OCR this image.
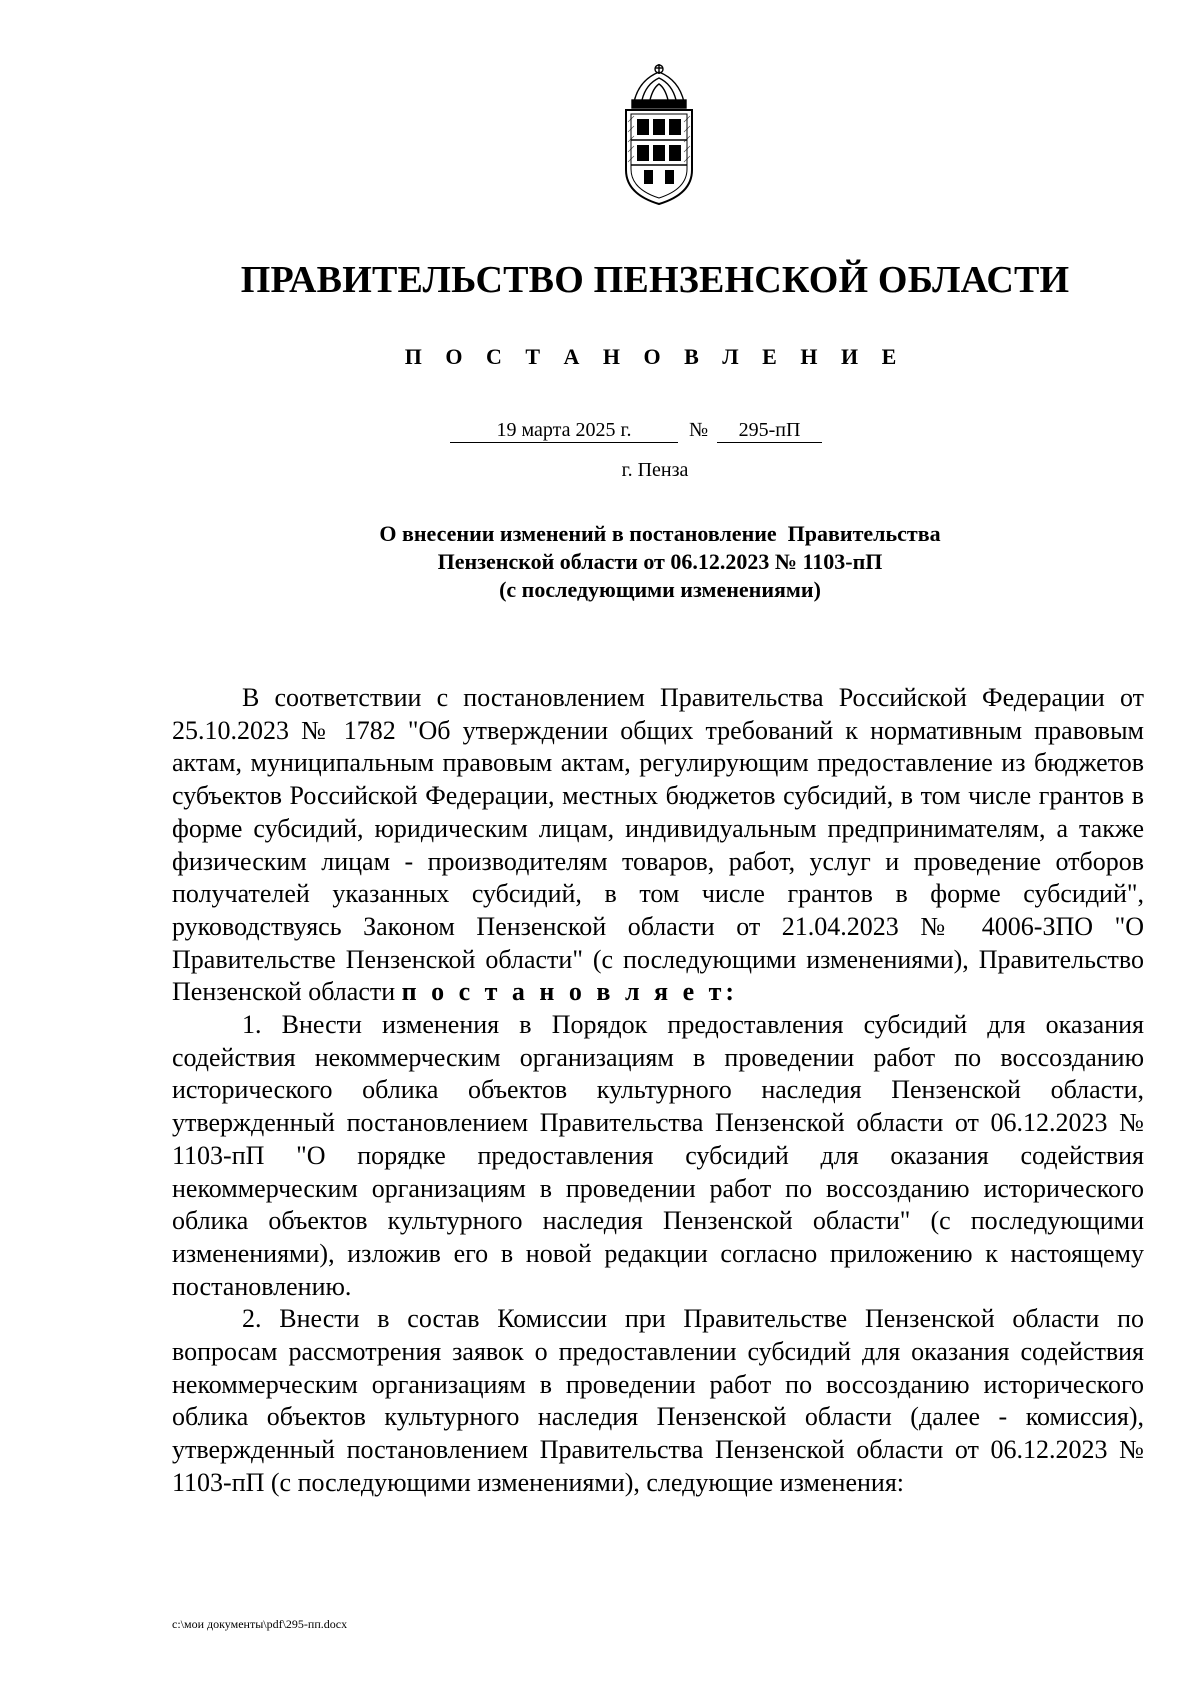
ПРАВИТЕЛЬСТВО ПЕНЗЕНСКОЙ ОБЛАСТИ
П О С Т А Н О В Л Е Н И Е
19 марта 2025 г.	№	295-пП
г. Пенза
О внесении изменений в постановление  Правительства
Пензенской области от 06.12.2023 № 1103-пП
(с последующими изменениями)

В соответствии с постановлением Правительства Российской Федерации от 25.10.2023 № 1782 "Об утверждении общих требований к нормативным правовым актам, муниципальным правовым актам, регулирующим предоставление из бюджетов субъектов Российской Федерации, местных бюджетов субсидий, в том числе грантов в форме субсидий, юридическим лицам, индивидуальным предпринимателям, а также физическим лицам - производителям товаров, работ, услуг и проведение отборов получателей указанных субсидий, в том числе грантов в форме субсидий", руководствуясь Законом Пензенской области от 21.04.2023 № 4006-ЗПО "О Правительстве Пензенской области" (с последующими изменениями), Правительство Пензенской области п о с т а н о в л я е т:

1. Внести изменения в Порядок предоставления субсидий для оказания содействия некоммерческим организациям в проведении работ по воссозданию исторического облика объектов культурного наследия Пензенской области, утвержденный постановлением Правительства Пензенской области от 06.12.2023 № 1103-пП "О порядке предоставления субсидий для оказания содействия некоммерческим организациям в проведении работ по воссозданию исторического облика объектов культурного наследия Пензенской области" (с последующими изменениями), изложив его в новой редакции согласно приложению к настоящему постановлению.

2. Внести в состав Комиссии при Правительстве Пензенской области по вопросам рассмотрения заявок о предоставлении субсидий для оказания содействия некоммерческим организациям в проведении работ по воссозданию исторического облика объектов культурного наследия Пензенской области (далее - комиссия), утвержденный постановлением Правительства Пензенской области от 06.12.2023 № 1103-пП (с последующими изменениями), следующие изменения:

c:\мои документы\pdf\295-пп.docx
